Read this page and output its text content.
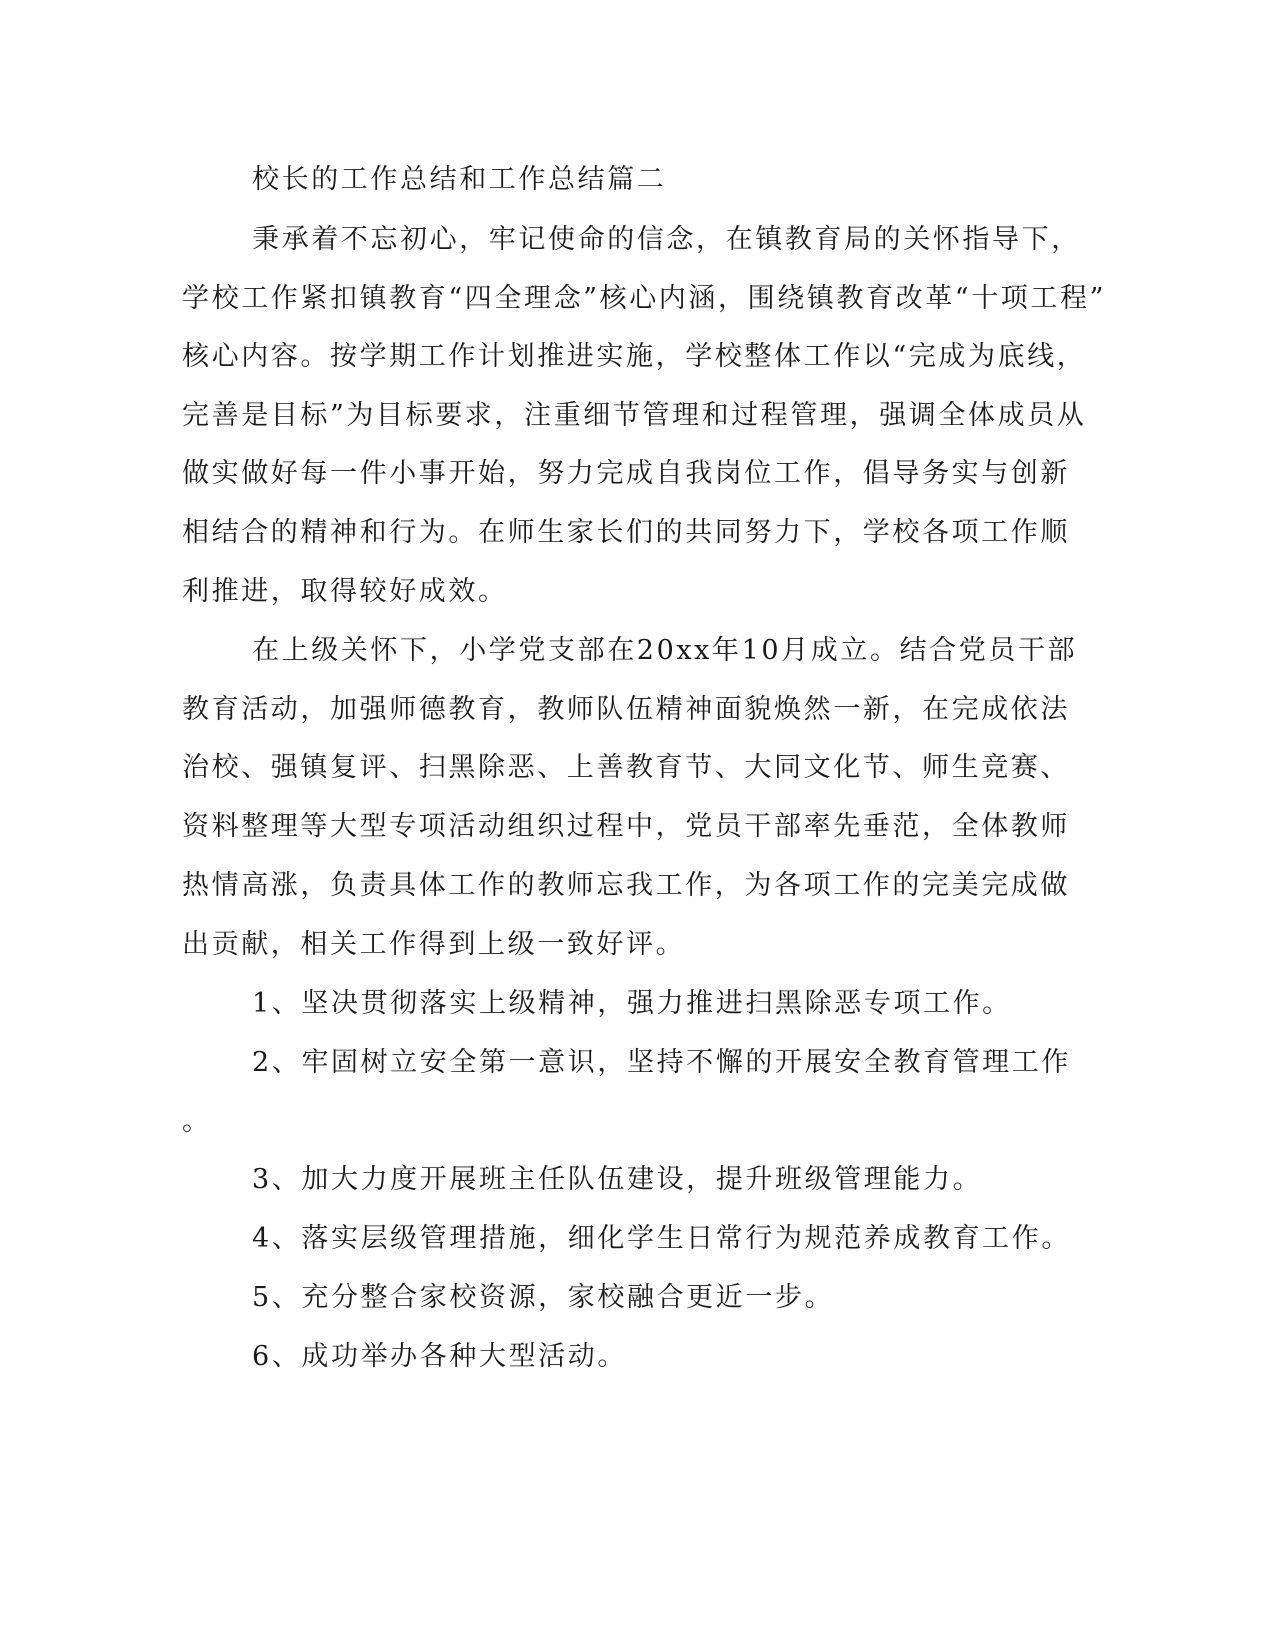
校长的工作总结和工作总结篇二
秉承着不忘初心，牢记使命的信念，在镇教育局的关怀指导下，
学校工作紧扣镇教育“四全理念”核心内涵，围绕镇教育改革“十项工程”
核心内容。按学期工作计划推进实施，学校整体工作以“完成为底线，
完善是目标”为目标要求，注重细节管理和过程管理，强调全体成员从
做实做好每一件小事开始，努力完成自我岗位工作，倡导务实与创新
相结合的精神和行为。在师生家长们的共同努力下，学校各项工作顺
利推进，取得较好成效。
在上级关怀下，小学党支部在20xx年10月成立。结合党员干部
教育活动，加强师德教育，教师队伍精神面貌焕然一新，在完成依法
治校、强镇复评、扫黑除恶、上善教育节、大同文化节、师生竞赛、
资料整理等大型专项活动组织过程中，党员干部率先垂范，全体教师
热情高涨，负责具体工作的教师忘我工作，为各项工作的完美完成做
出贡献，相关工作得到上级一致好评。
1、坚决贯彻落实上级精神，强力推进扫黑除恶专项工作。
2、牢固树立安全第一意识，坚持不懈的开展安全教育管理工作
。
3、加大力度开展班主任队伍建设，提升班级管理能力。
4、落实层级管理措施，细化学生日常行为规范养成教育工作。
5、充分整合家校资源，家校融合更近一步。
6、成功举办各种大型活动。
